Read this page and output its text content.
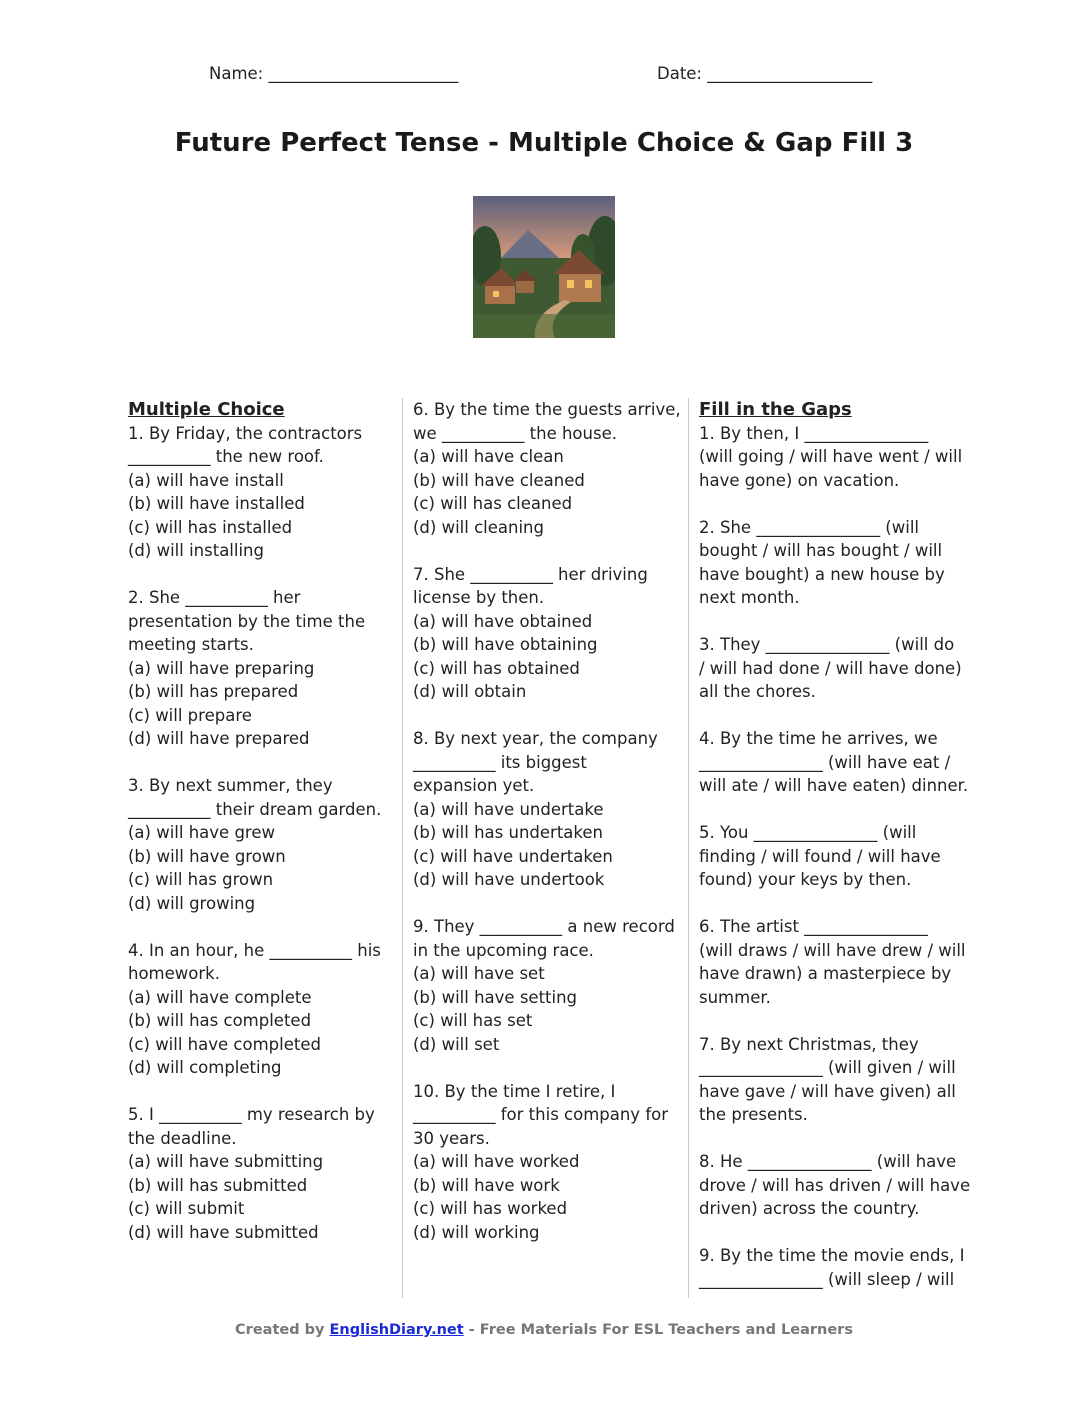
Name: _______________________	Date: ____________________
Future Perfect Tense - Multiple Choice & Gap Fill 3
Multiple Choice
1. By Friday, the contractors
__________ the new roof.
(a) will have install
(b) will have installed
(c) will has installed
(d) will installing
2. She __________ her
presentation by the time the
meeting starts.
(a) will have preparing
(b) will has prepared
(c) will prepare
(d) will have prepared
3. By next summer, they
__________ their dream garden.
(a) will have grew
(b) will have grown
(c) will has grown
(d) will growing
4. In an hour, he __________ his
homework.
(a) will have complete
(b) will has completed
(c) will have completed
(d) will completing
5. I __________ my research by
the deadline.
(a) will have submitting
(b) will has submitted
(c) will submit
(d) will have submitted
6. By the time the guests arrive,
we __________ the house.
(a) will have clean
(b) will have cleaned
(c) will has cleaned
(d) will cleaning
7. She __________ her driving
license by then.
(a) will have obtained
(b) will have obtaining
(c) will has obtained
(d) will obtain
8. By next year, the company
__________ its biggest
expansion yet.
(a) will have undertake
(b) will has undertaken
(c) will have undertaken
(d) will have undertook
9. They __________ a new record
in the upcoming race.
(a) will have set
(b) will have setting
(c) will has set
(d) will set
10. By the time I retire, I
__________ for this company for
30 years.
(a) will have worked
(b) will have work
(c) will has worked
(d) will working
Fill in the Gaps
1. By then, I _______________
(will going / will have went / will
have gone) on vacation.
2. She _______________ (will
bought / will has bought / will
have bought) a new house by
next month.
3. They _______________ (will do
/ will had done / will have done)
all the chores.
4. By the time he arrives, we
_______________ (will have eat /
will ate / will have eaten) dinner.
5. You _______________ (will
finding / will found / will have
found) your keys by then.
6. The artist _______________
(will draws / will have drew / will
have drawn) a masterpiece by
summer.
7. By next Christmas, they
_______________ (will given / will
have gave / will have given) all
the presents.
8. He _______________ (will have
drove / will has driven / will have
driven) across the country.
9. By the time the movie ends, I
_______________ (will sleep / will
Created by EnglishDiary.net - Free Materials For ESL Teachers and Learners
